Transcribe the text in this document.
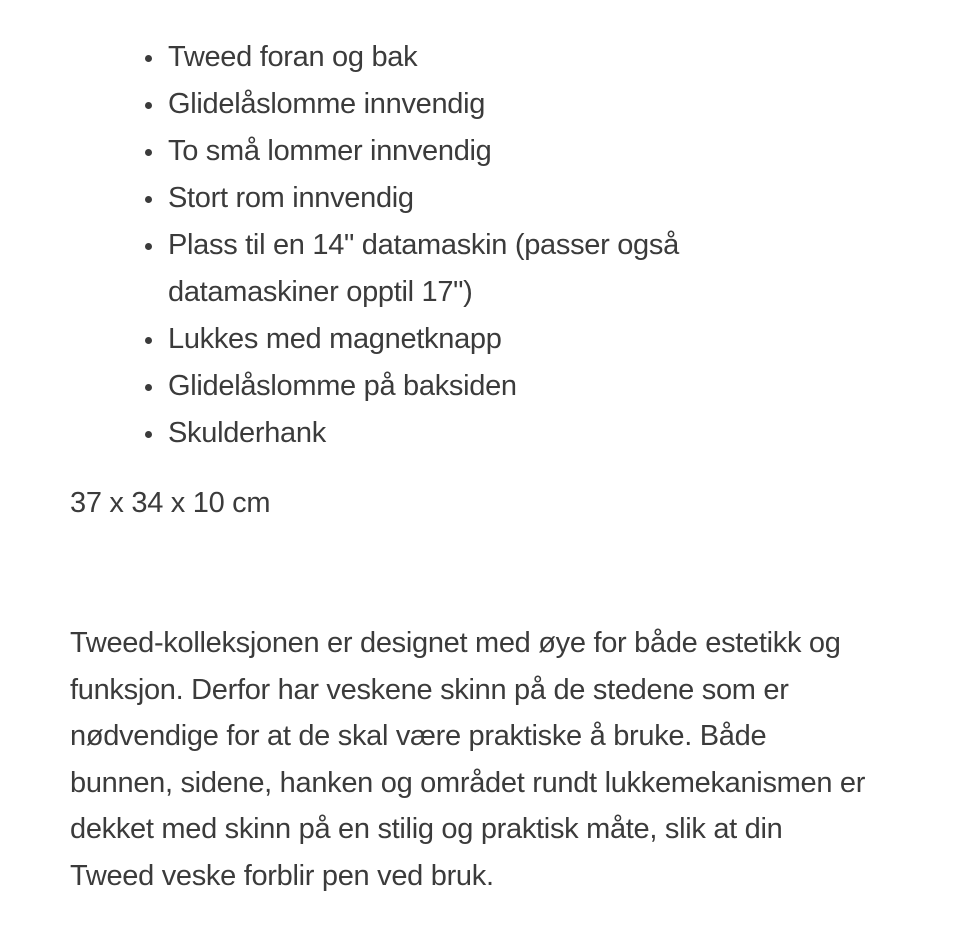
• Tweed foran og bak
• Glidelåslomme innvendig
• To små lommer innvendig
• Stort rom innvendig
• Plass til en 14" datamaskin (passer også datamaskiner opptil 17")
• Lukkes med magnetknapp
• Glidelåslomme på baksiden
• Skulderhank
37 x 34 x 10 cm

Tweed-kolleksjonen er designet med øye for både estetikk og funksjon. Derfor har veskene skinn på de stedene som er nødvendige for at de skal være praktiske å bruke. Både bunnen, sidene, hanken og området rundt lukkemekanismen er dekket med skinn på en stilig og praktisk måte, slik at din Tweed veske forblir pen ved bruk.
